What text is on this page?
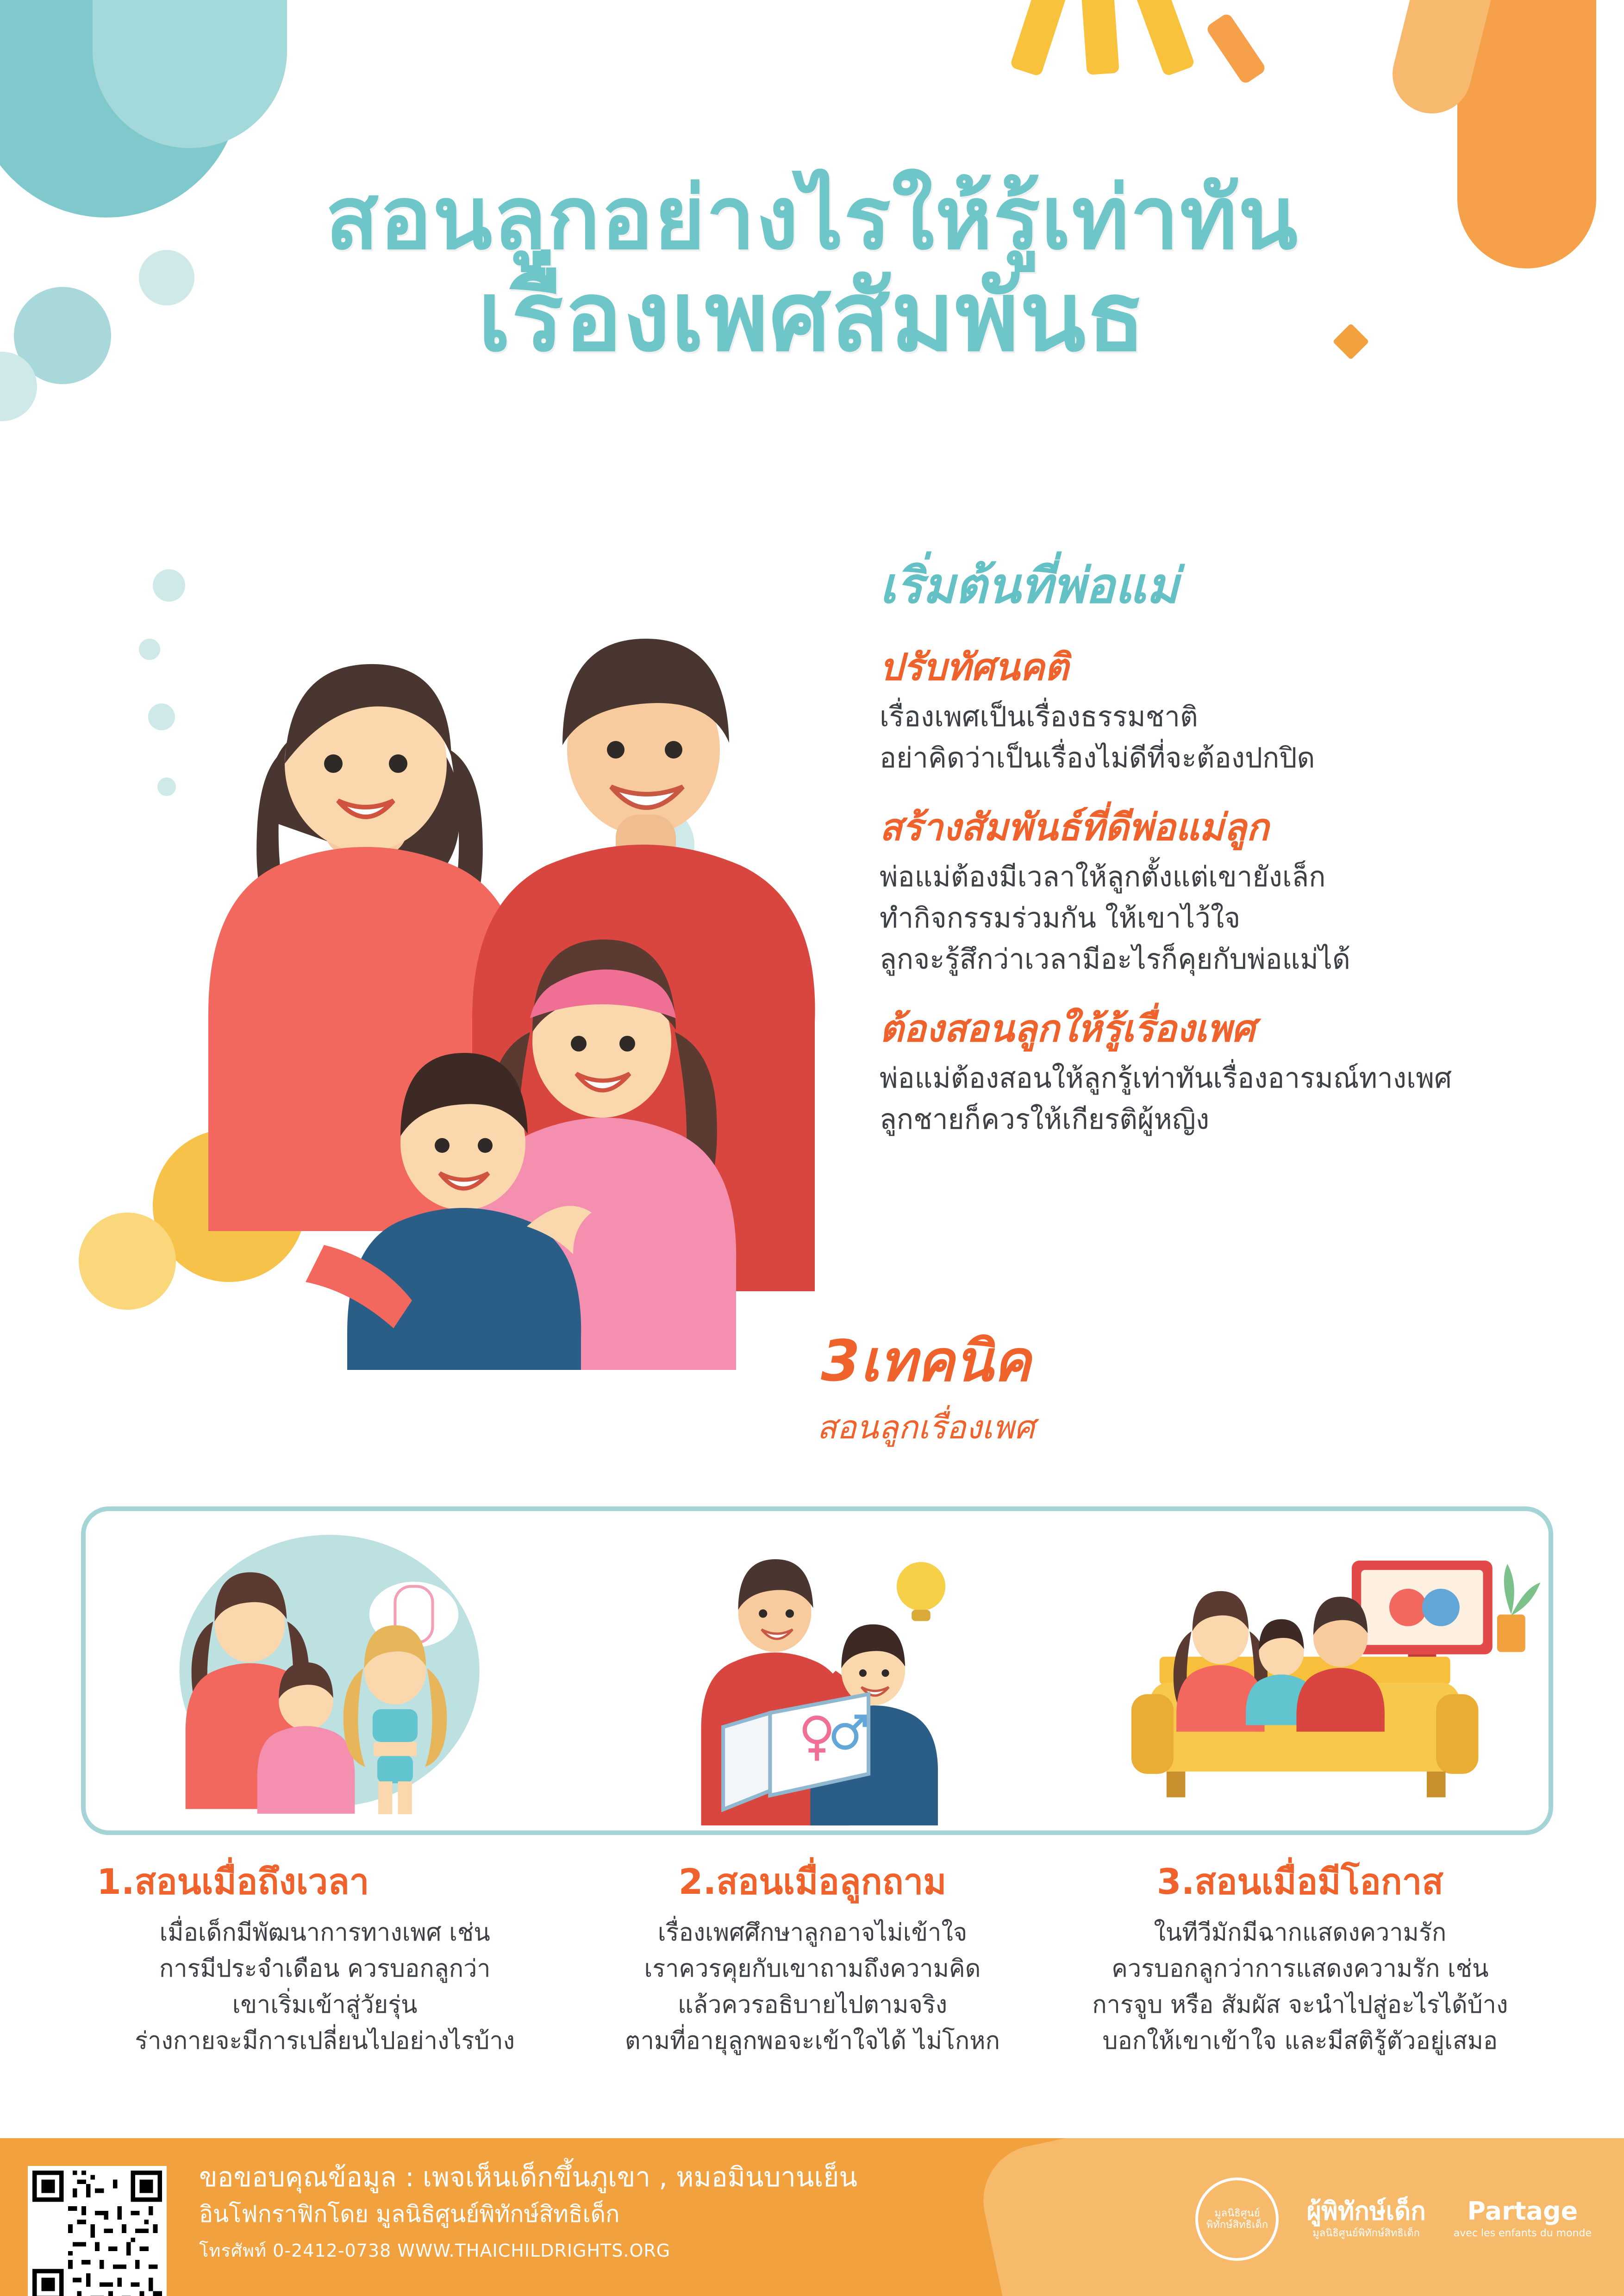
สอนลูกอย่างไรให้รู้เท่าทัน
เรื่องเพศสัมพันธ
เริ่มต้นที่พ่อแม่
ปรับทัศนคติ
เรื่องเพศเป็นเรื่องธรรมชาติ
อย่าคิดว่าเป็นเรื่องไม่ดีที่จะต้องปกปิด
สร้างสัมพันธ์ที่ดีพ่อแม่ลูก
พ่อแม่ต้องมีเวลาให้ลูกตั้งแต่เขายังเล็ก
ทำกิจกรรมร่วมกัน ให้เขาไว้ใจ
ลูกจะรู้สึกว่าเวลามีอะไรก็คุยกับพ่อแม่ได้
ต้องสอนลูกให้รู้เรื่องเพศ
พ่อแม่ต้องสอนให้ลูกรู้เท่าทันเรื่องอารมณ์ทางเพศ
ลูกชายก็ควรให้เกียรติผู้หญิง
3เทคนิค
สอนลูกเรื่องเพศ
1.สอนเมื่อถึงเวลา
เมื่อเด็กมีพัฒนาการทางเพศ เช่น
การมีประจำเดือน ควรบอกลูกว่า
เขาเริ่มเข้าสู่วัยรุ่น
ร่างกายจะมีการเปลี่ยนไปอย่างไรบ้าง
2.สอนเมื่อลูกถาม
เรื่องเพศศึกษาลูกอาจไม่เข้าใจ
เราควรคุยกับเขาถามถึงความคิด
แล้วควรอธิบายไปตามจริง
ตามที่อายุลูกพอจะเข้าใจได้ ไม่โกหก
3.สอนเมื่อมีโอกาส
ในทีวีมักมีฉากแสดงความรัก
ควรบอกลูกว่าการแสดงความรัก เช่น
การจูบ หรือ สัมผัส จะนำไปสู่อะไรได้บ้าง
บอกให้เขาเข้าใจ และมีสติรู้ตัวอยู่เสมอ
ขอขอบคุณข้อมูล : เพจเห็นเด็กขึ้นภูเขา , หมอมินบานเย็น
อินโฟกราฟิกโดย มูลนิธิศูนย์พิทักษ์สิทธิเด็ก
โทรศัพท์ 0-2412-0738 WWW.THAICHILDRIGHTS.ORG
มูลนิธิศูนย์พิทักษ์สิทธิเด็ก ผู้พิทักษ์เด็ก
มูลนิธิศูนย์พิทักษ์สิทธิเด็ก
Partage
avec les enfants du monde
